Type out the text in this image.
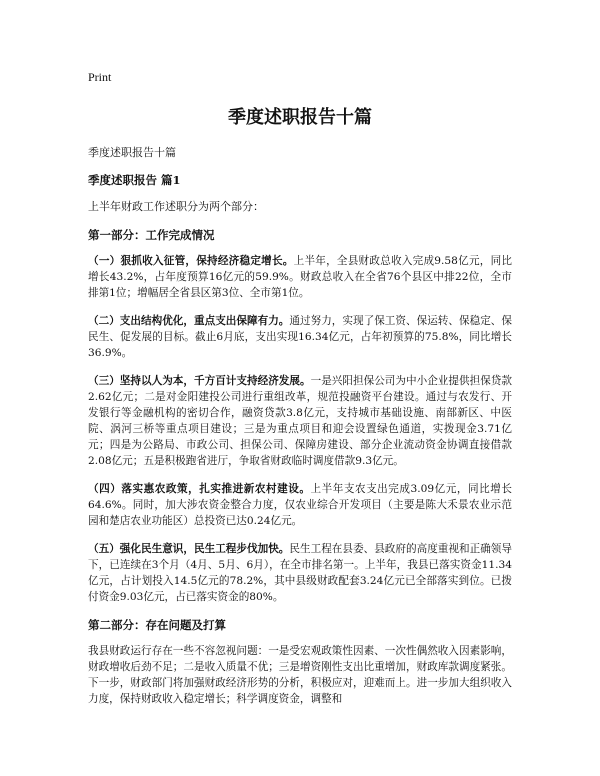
Print
季度述职报告十篇
季度述职报告十篇
季度述职报告 篇1
上半年财政工作述职分为两个部分：
第一部分：工作完成情况
（一）狠抓收入征管，保持经济稳定增长。上半年，全县财政总收入完成9.58亿元，同比增长43.2%，占年度预算16亿元的59.9%。财政总收入在全省76个县区中排22位，全市排第1位；增幅居全省县区第3位、全市第1位。
（二）支出结构优化，重点支出保障有力。通过努力，实现了保工资、保运转、保稳定、保民生、促发展的目标。截止6月底，支出实现16.34亿元，占年初预算的75.8%，同比增长36.9%。
（三）坚持以人为本，千方百计支持经济发展。一是兴阳担保公司为中小企业提供担保贷款2.62亿元；二是对金阳建投公司进行重组改革，规范投融资平台建设。通过与农发行、开发银行等金融机构的密切合作，融资贷款3.8亿元，支持城市基础设施、南部新区、中医院、涡河三桥等重点项目建设；三是为重点项目和迎会设置绿色通道，实拨现金3.71亿元；四是为公路局、市政公司、担保公司、保障房建设、部分企业流动资金协调直接借款2.08亿元；五是积极跑省进厅，争取省财政临时调度借款9.3亿元。
（四）落实惠农政策，扎实推进新农村建设。上半年支农支出完成3.09亿元，同比增长64.6%。同时，加大涉农资金整合力度，仅农业综合开发项目（主要是陈大禾景农业示范园和楚店农业功能区）总投资已达0.24亿元。
（五）强化民生意识，民生工程步伐加快。民生工程在县委、县政府的高度重视和正确领导下，已连续在3个月（4月、5月、6月），在全市排名第一。上半年，我县已落实资金11.34亿元，占计划投入14.5亿元的78.2%，其中县级财政配套3.24亿元已全部落实到位。已拨付资金9.03亿元，占已落实资金的80%。
第二部分：存在问题及打算
我县财政运行存在一些不容忽视问题：一是受宏观政策性因素、一次性偶然收入因素影响，财政增收后劲不足；二是收入质量不优；三是增资刚性支出比重增加，财政库款调度紧张。下一步，财政部门将加强财政经济形势的分析，积极应对，迎难而上。进一步加大组织收入力度，保持财政收入稳定增长；科学调度资金，调整和
